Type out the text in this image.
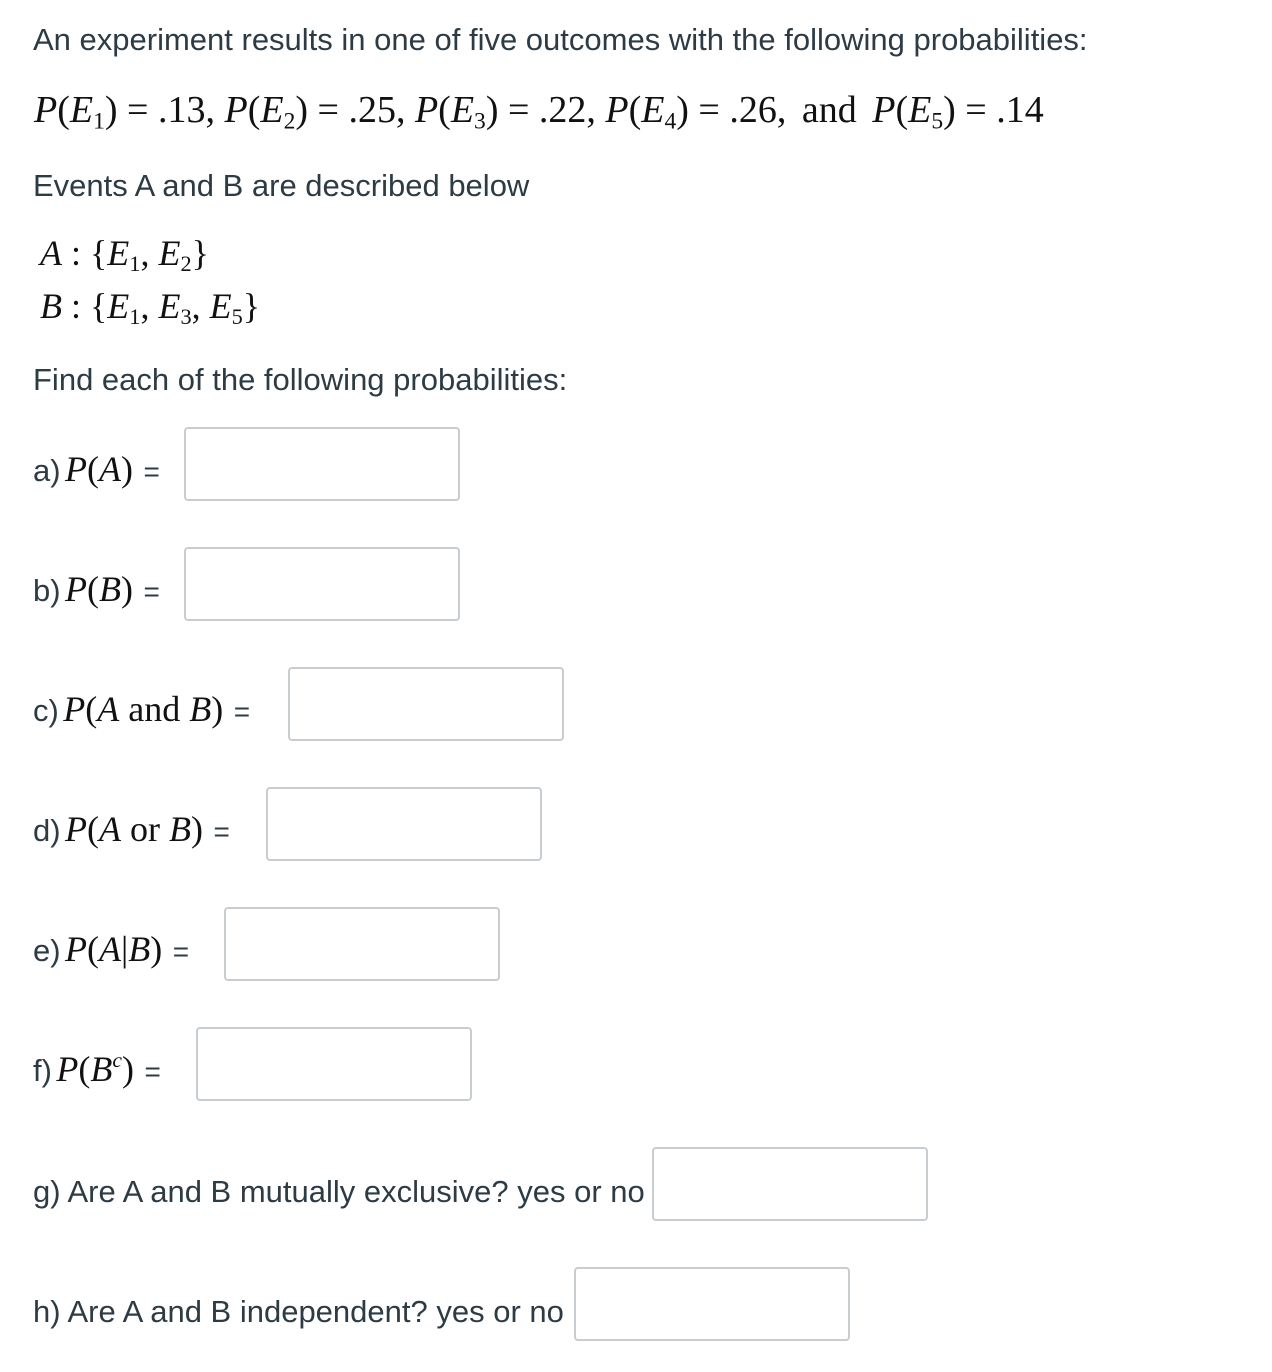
An experiment results in one of five outcomes with the following probabilities:
$P(E_1) = .13$, $P(E_2) = .25$, $P(E_3) = .22$, $P(E_4) = .26$, and $P(E_5) = .14$
Events A and B are described below
A : {$E_1$, $E_2$}
B : {$E_1$, $E_3$, $E_5$}
Find each of the following probabilities:
a) P(A) =
b) P(B) =
c) P(A and B) =
d) P(A or B) =
e) P(A|B) =
f) $P(B^c)$ =
g) Are A and B mutually exclusive? yes or no
h) Are A and B independent? yes or no
